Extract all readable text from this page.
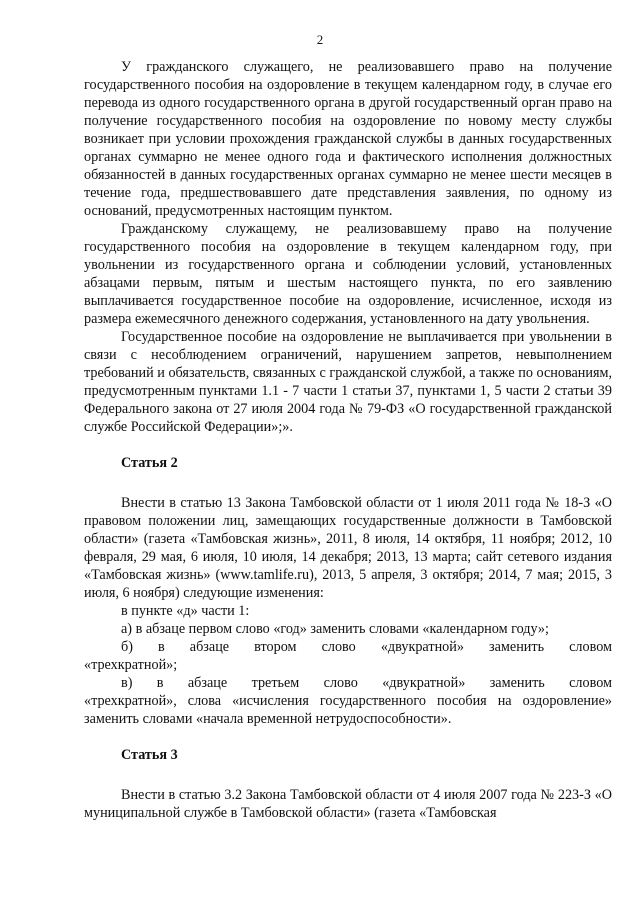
2

У гражданского служащего, не реализовавшего право на получение государственного пособия на оздоровление в текущем календарном году, в случае его перевода из одного государственного органа в другой государственный орган право на получение государственного пособия на оздоровление по новому месту службы возникает при условии прохождения гражданской службы в данных государственных органах суммарно не менее одного года и фактического исполнения должностных обязанностей в данных государственных органах суммарно не менее шести месяцев в течение года, предшествовавшего дате представления заявления, по одному из оснований, предусмотренных настоящим пунктом.

Гражданскому служащему, не реализовавшему право на получение государственного пособия на оздоровление в текущем календарном году, при увольнении из государственного органа и соблюдении условий, установленных абзацами первым, пятым и шестым настоящего пункта, по его заявлению выплачивается государственное пособие на оздоровление, исчисленное, исходя из размера ежемесячного денежного содержания, установленного на дату увольнения.

Государственное пособие на оздоровление не выплачивается при увольнении в связи с несоблюдением ограничений, нарушением запретов, невыполнением требований и обязательств, связанных с гражданской службой, а также по основаниям, предусмотренным пунктами 1.1 - 7 части 1 статьи 37, пунктами 1, 5 части 2 статьи 39 Федерального закона от 27 июля 2004 года № 79-ФЗ «О государственной гражданской службе Российской Федерации»;».

Статья 2

Внести в статью 13 Закона Тамбовской области от 1 июля 2011 года № 18-З «О правовом положении лиц, замещающих государственные должности в Тамбовской области» (газета «Тамбовская жизнь», 2011, 8 июля, 14 октября, 11 ноября; 2012, 10 февраля, 29 мая, 6 июля, 10 июля, 14 декабря; 2013, 13 марта; сайт сетевого издания «Тамбовская жизнь» (www.tamlife.ru), 2013, 5 апреля, 3 октября; 2014, 7 мая; 2015, 3 июля, 6 ноября) следующие изменения:

в пункте «д» части 1:

а) в абзаце первом слово «год» заменить словами «календарном году»;

б) в абзаце втором слово «двукратной» заменить словом

«трехкратной»;

в) в абзаце третьем слово «двукратной» заменить словом

«трехкратной», слова «исчисления государственного пособия на оздоровление» заменить словами «начала временной нетрудоспособности».

Статья 3

Внести в статью 3.2 Закона Тамбовской области от 4 июля 2007 года № 223-З «О муниципальной службе в Тамбовской области» (газета «Тамбовская
